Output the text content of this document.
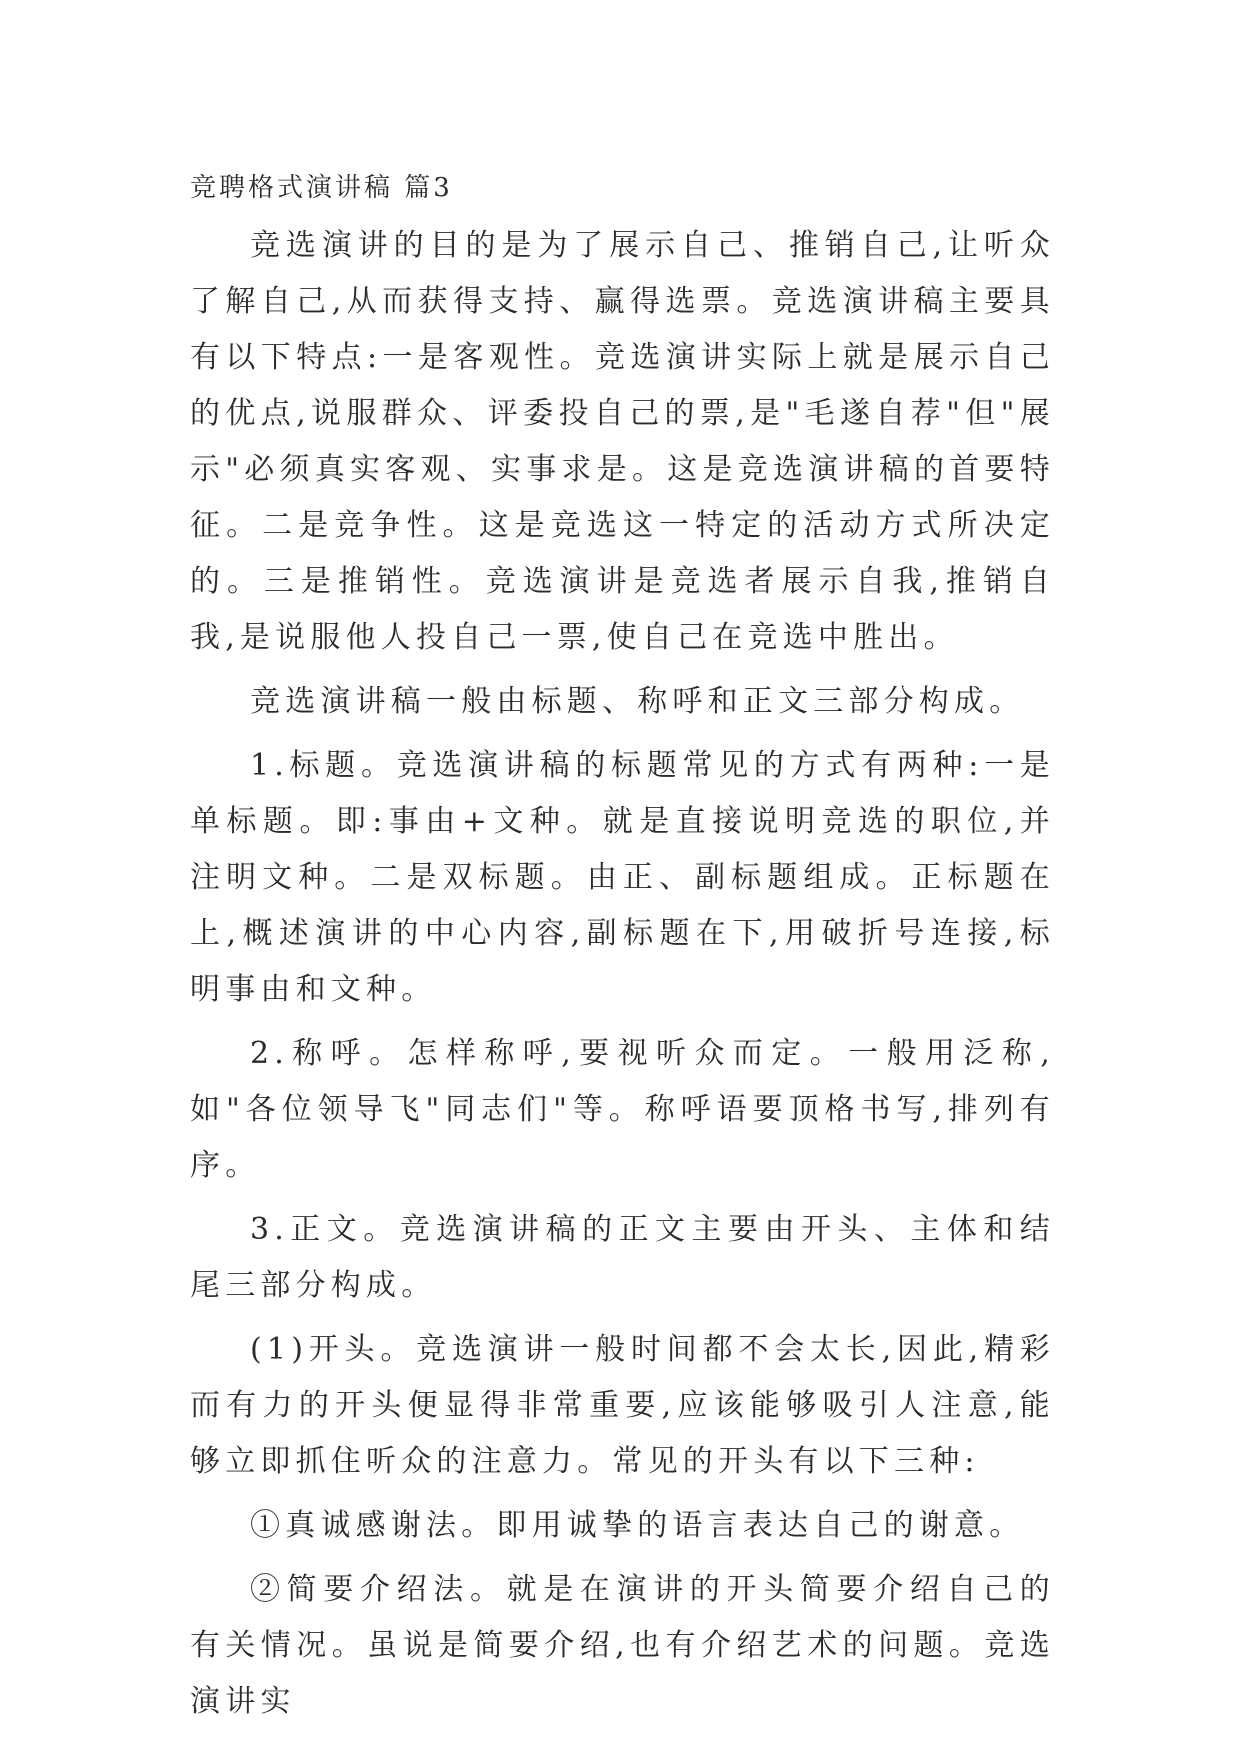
竞聘格式演讲稿 篇3

竞选演讲的目的是为了展示自己、推销自己,让听众了解自己,从而获得支持、赢得选票。竞选演讲稿主要具有以下特点:一是客观性。竞选演讲实际上就是展示自己的优点,说服群众、评委投自己的票,是"毛遂自荐"但"展示"必须真实客观、实事求是。这是竞选演讲稿的首要特征。二是竞争性。这是竞选这一特定的活动方式所决定的。三是推销性。竞选演讲是竞选者展示自我,推销自我,是说服他人投自己一票,使自己在竞选中胜出。

竞选演讲稿一般由标题、称呼和正文三部分构成。

1.标题。竞选演讲稿的标题常见的方式有两种:一是单标题。即:事由+文种。就是直接说明竞选的职位,并注明文种。二是双标题。由正、副标题组成。正标题在上,概述演讲的中心内容,副标题在下,用破折号连接,标明事由和文种。

2.称呼。怎样称呼,要视听众而定。一般用泛称,如"各位领导飞"同志们"等。称呼语要顶格书写,排列有序。

3.正文。竞选演讲稿的正文主要由开头、主体和结尾三部分构成。

(1)开头。竞选演讲一般时间都不会太长,因此,精彩而有力的开头便显得非常重要,应该能够吸引人注意,能够立即抓住听众的注意力。常见的开头有以下三种:

①真诚感谢法。即用诚挚的语言表达自己的谢意。

②简要介绍法。就是在演讲的开头简要介绍自己的有关情况。虽说是简要介绍,也有介绍艺术的问题。竞选演讲实
